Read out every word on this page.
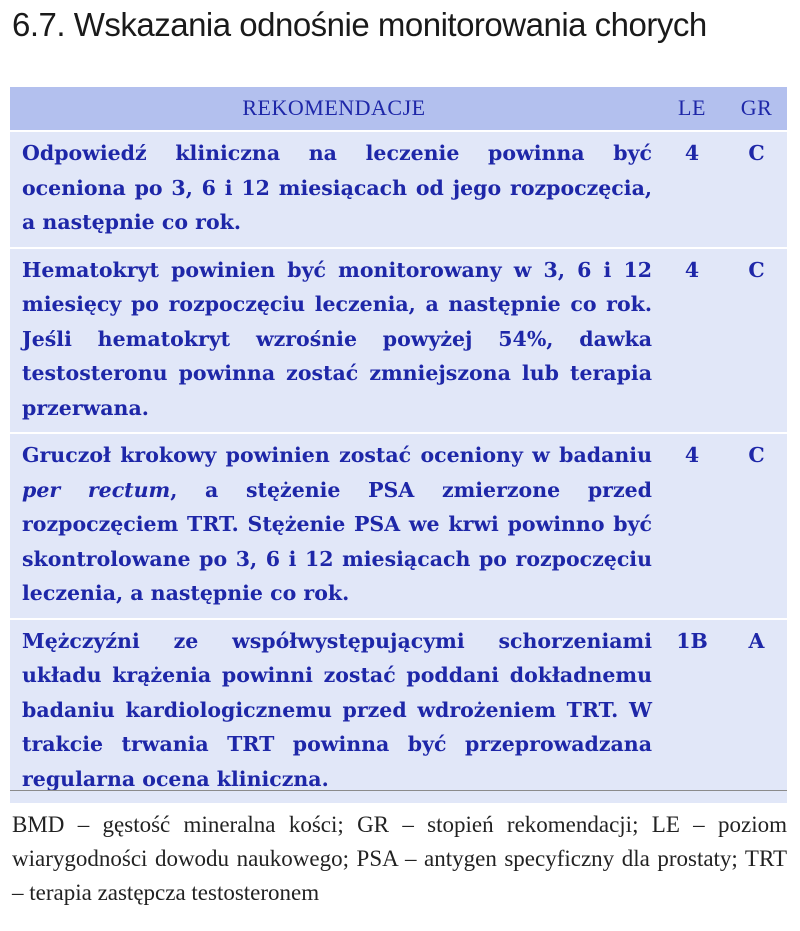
6.7. Wskazania odnośnie monitorowania chorych
REKOMENDACJE	LE	GR
Odpowiedź kliniczna na leczenie powinna być oceniona po 3, 6 i 12 miesiącach od jego rozpoczęcia, a następnie co rok.	4	C
Hematokryt powinien być monitorowany w 3, 6 i 12 miesięcy po rozpoczęciu leczenia, a następnie co rok. Jeśli hematokryt wzrośnie powyżej 54%, dawka testosteronu powinna zostać zmniejszona lub terapia przerwana.	4	C
Gruczoł krokowy powinien zostać oceniony w badaniu per rectum, a stężenie PSA zmierzone przed rozpoczęciem TRT. Stężenie PSA we krwi powinno być skontrolowane po 3, 6 i 12 miesiącach po rozpoczęciu leczenia, a następnie co rok.	4	C
Mężczyźni ze współwystępującymi schorzeniami układu krążenia powinni zostać poddani dokładnemu badaniu kardiologicznemu przed wdrożeniem TRT. W trakcie trwania TRT powinna być przeprowadzana regularna ocena kliniczna.	1B	A
BMD – gęstość mineralna kości; GR – stopień rekomendacji; LE – poziom wiarygodności dowodu naukowego; PSA – antygen specyficzny dla prostaty; TRT – terapia zastępcza testosteronem
